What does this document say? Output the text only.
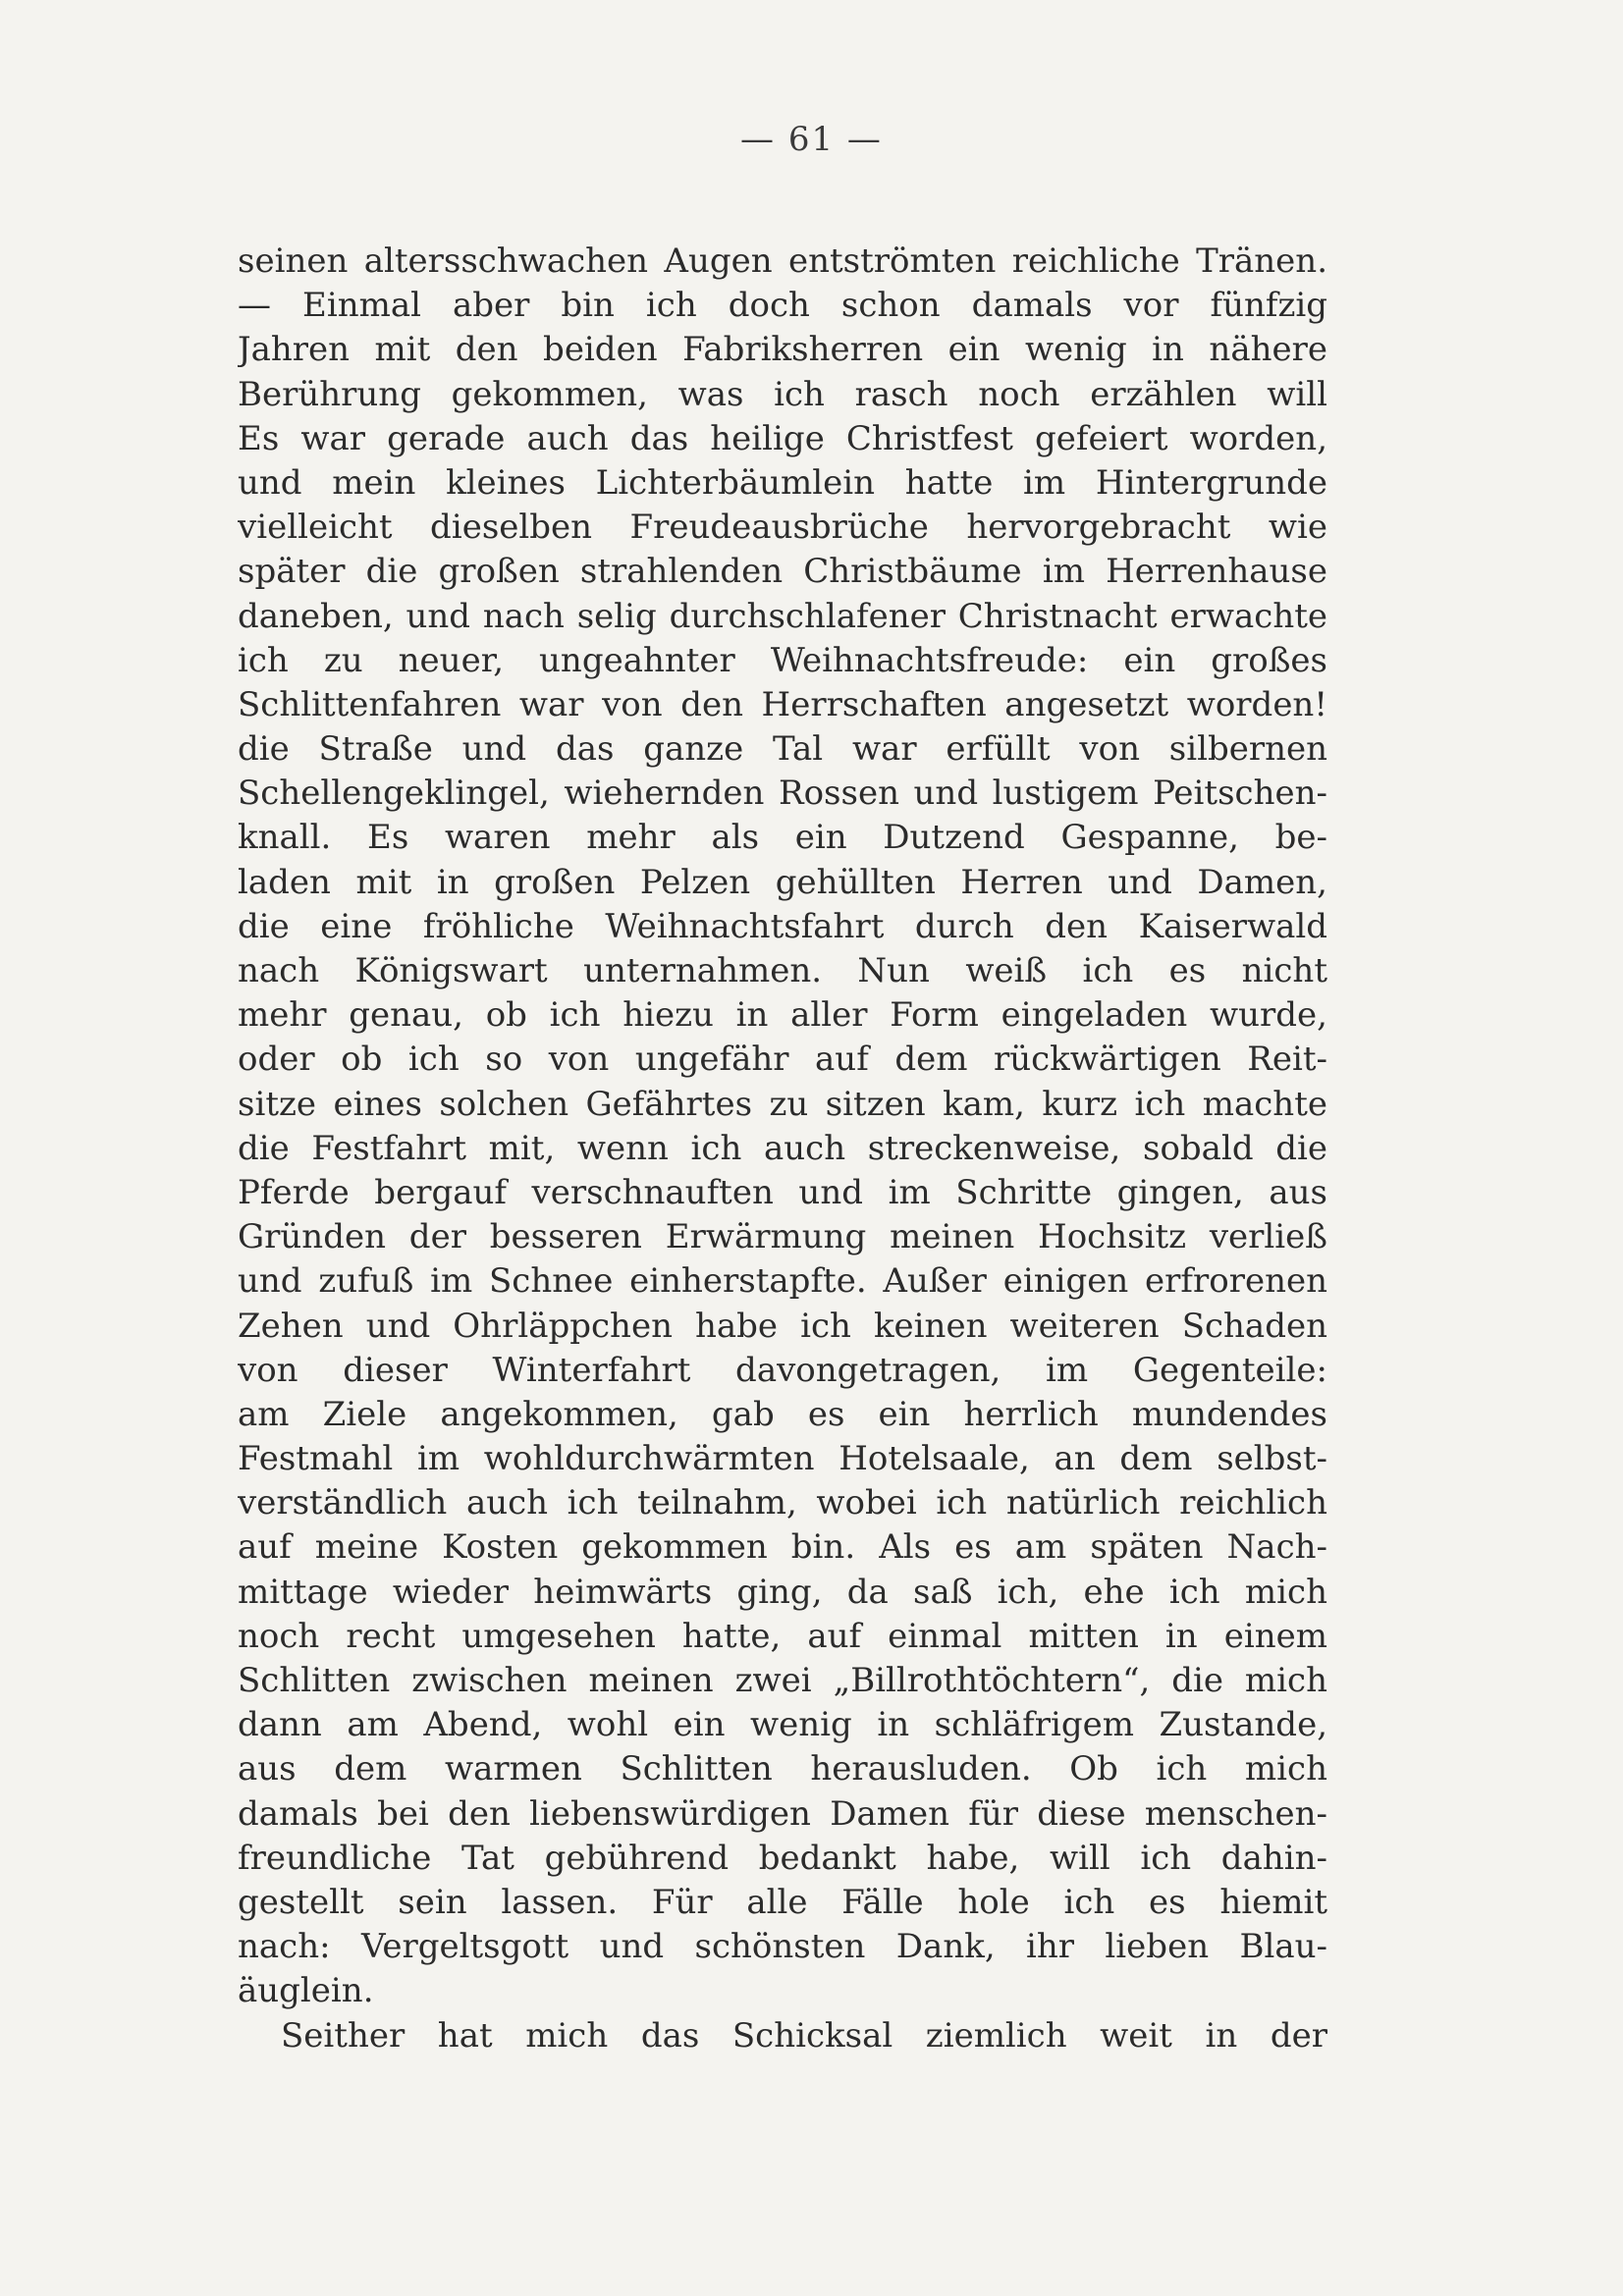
— 61 —
seinen altersschwachen Augen entströmten reichliche Tränen.
— Einmal aber bin ich doch schon damals vor fünfzig
Jahren mit den beiden Fabriksherren ein wenig in nähere
Berührung gekommen, was ich rasch noch erzählen will
Es war gerade auch das heilige Christfest gefeiert worden,
und mein kleines Lichterbäumlein hatte im Hintergrunde
vielleicht dieselben Freudeausbrüche hervorgebracht wie
später die großen strahlenden Christbäume im Herrenhause
daneben, und nach selig durchschlafener Christnacht erwachte
ich zu neuer, ungeahnter Weihnachtsfreude: ein großes
Schlittenfahren war von den Herrschaften angesetzt worden!
die Straße und das ganze Tal war erfüllt von silbernen
Schellengeklingel, wiehernden Rossen und lustigem Peitschen-
knall. Es waren mehr als ein Dutzend Gespanne, be-
laden mit in großen Pelzen gehüllten Herren und Damen,
die eine fröhliche Weihnachtsfahrt durch den Kaiserwald
nach Königswart unternahmen. Nun weiß ich es nicht
mehr genau, ob ich hiezu in aller Form eingeladen wurde,
oder ob ich so von ungefähr auf dem rückwärtigen Reit-
sitze eines solchen Gefährtes zu sitzen kam, kurz ich machte
die Festfahrt mit, wenn ich auch streckenweise, sobald die
Pferde bergauf verschnauften und im Schritte gingen, aus
Gründen der besseren Erwärmung meinen Hochsitz verließ
und zufuß im Schnee einherstapfte. Außer einigen erfrorenen
Zehen und Ohrläppchen habe ich keinen weiteren Schaden
von dieser Winterfahrt davongetragen, im Gegenteile:
am Ziele angekommen, gab es ein herrlich mundendes
Festmahl im wohldurchwärmten Hotelsaale, an dem selbst-
verständlich auch ich teilnahm, wobei ich natürlich reichlich
auf meine Kosten gekommen bin. Als es am späten Nach-
mittage wieder heimwärts ging, da saß ich, ehe ich mich
noch recht umgesehen hatte, auf einmal mitten in einem
Schlitten zwischen meinen zwei „Billrothtöchtern“, die mich
dann am Abend, wohl ein wenig in schläfrigem Zustande,
aus dem warmen Schlitten herausluden. Ob ich mich
damals bei den liebenswürdigen Damen für diese menschen-
freundliche Tat gebührend bedankt habe, will ich dahin-
gestellt sein lassen. Für alle Fälle hole ich es hiemit
nach: Vergeltsgott und schönsten Dank, ihr lieben Blau-
äuglein.
Seither hat mich das Schicksal ziemlich weit in der
